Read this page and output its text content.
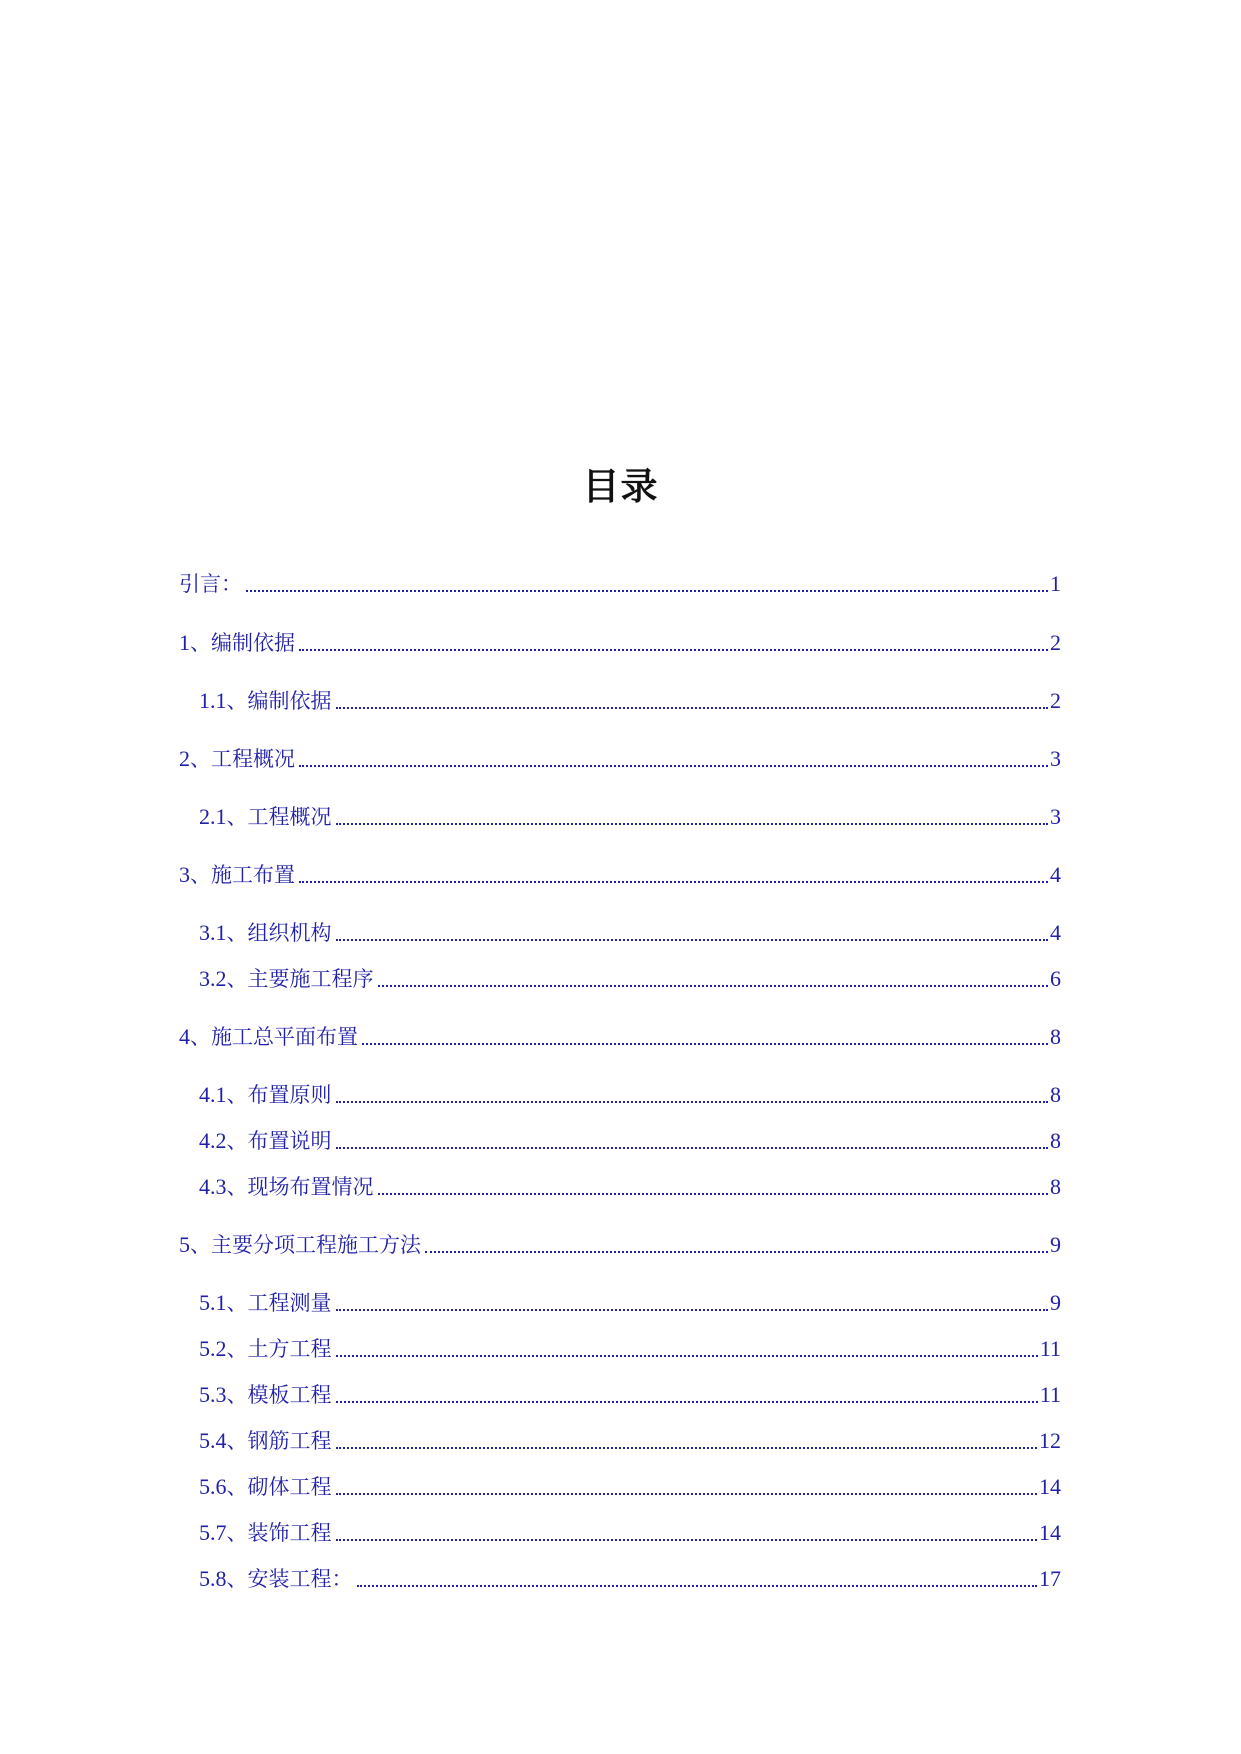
目录
引言：	1
1 、编制依据	2
1.1 、编制依据	2
2 、工程概况	3
2.1 、工程概况	3
3 、施工布置	4
3.1 、组织机构	4
3.2 、主要施工程序	6
4 、施工总平面布置	8
4.1 、布置原则	8
4.2 、布置说明	8
4.3 、现场布置情况	8
5 、主要分项工程施工方法	9
5.1 、工程测量	9
5.2 、土方工程	11
5.3 、模板工程	11
5.4 、钢筋工程	12
5.6 、砌体工程	14
5.7 、装饰工程	14
5.8 、安装工程：	17
